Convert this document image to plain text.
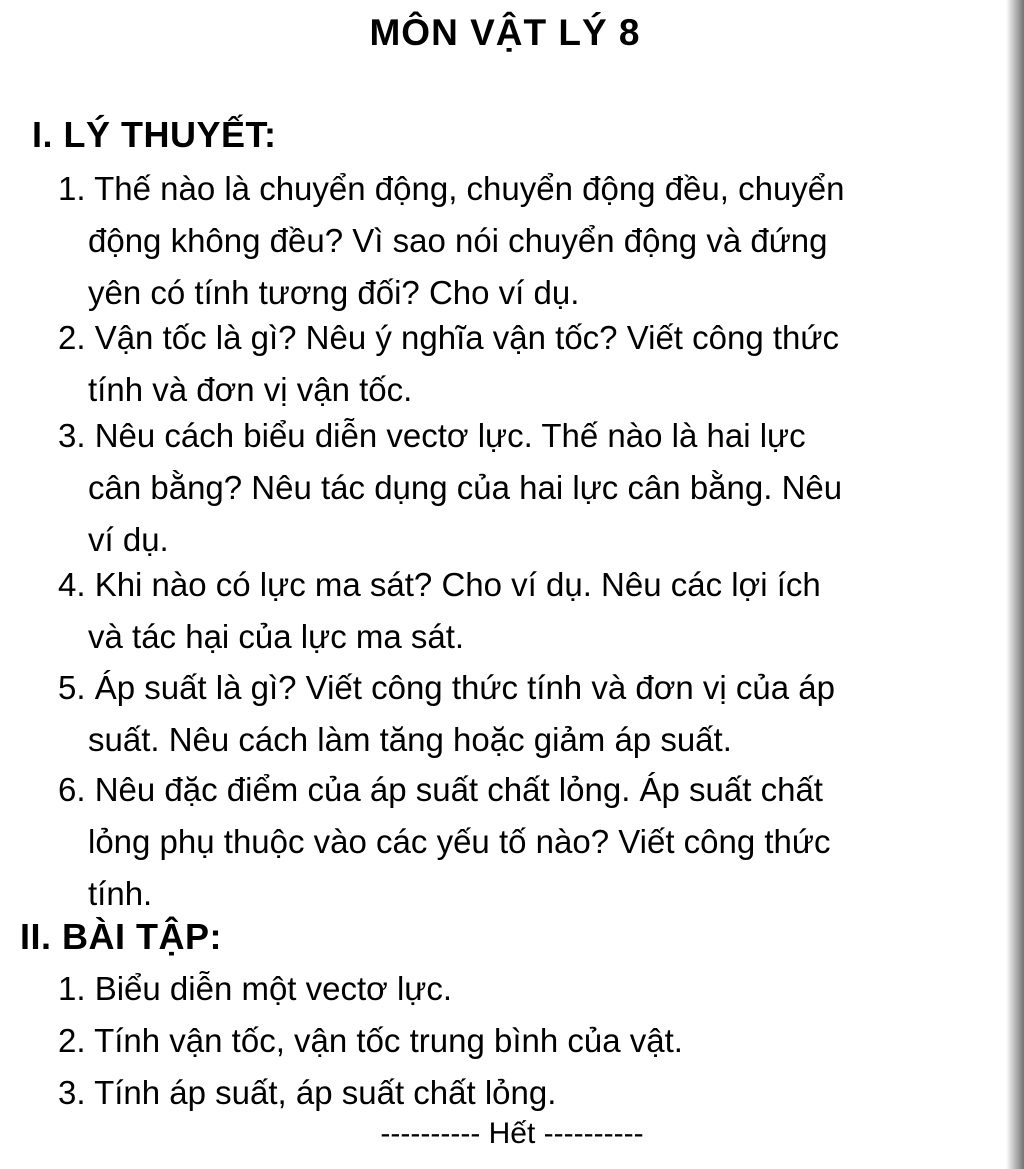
MÔN VẬT LÝ 8
I. LÝ THUYẾT:
1. Thế nào là chuyển động, chuyển động đều, chuyển
động không đều? Vì sao nói chuyển động và đứng
yên có tính tương đối? Cho ví dụ.
2. Vận tốc là gì? Nêu ý nghĩa vận tốc? Viết công thức
tính và đơn vị vận tốc.
3. Nêu cách biểu diễn vectơ lực. Thế nào là hai lực
cân bằng? Nêu tác dụng của hai lực cân bằng. Nêu
ví dụ.
4. Khi nào có lực ma sát? Cho ví dụ. Nêu các lợi ích
và tác hại của lực ma sát.
5. Áp suất là gì? Viết công thức tính và đơn vị của áp
suất. Nêu cách làm tăng hoặc giảm áp suất.
6. Nêu đặc điểm của áp suất chất lỏng. Áp suất chất
lỏng phụ thuộc vào các yếu tố nào? Viết công thức
tính.
II. BÀI TẬP:
1. Biểu diễn một vectơ lực.
2. Tính vận tốc, vận tốc trung bình của vật.
3. Tính áp suất, áp suất chất lỏng.
---------- Hết ----------
